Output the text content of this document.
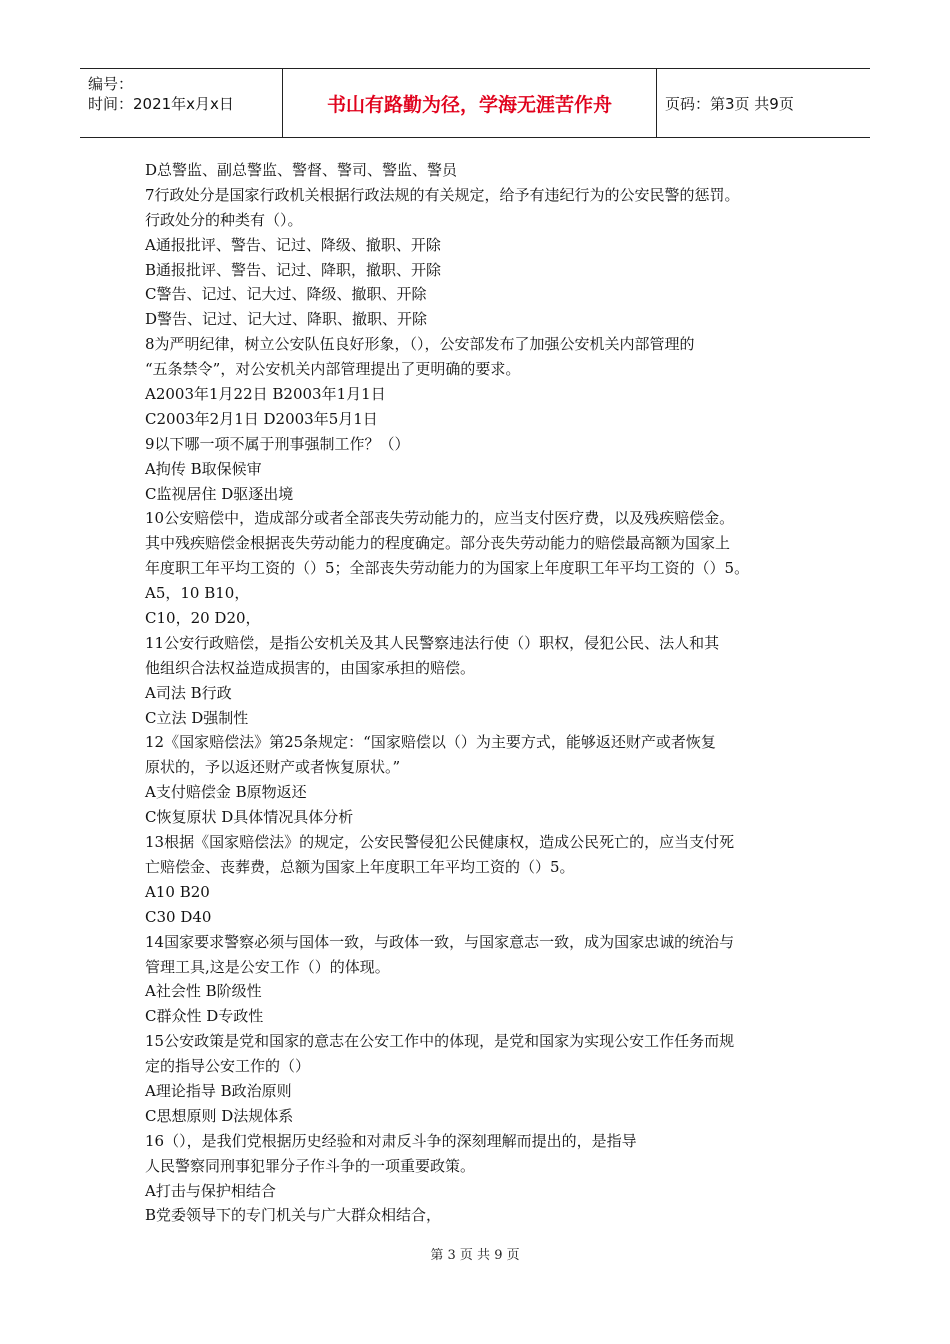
编号：
时间：2021年x月x日	书山有路勤为径，学海无涯苦作舟	页码：第3页 共9页
D总警监、副总警监、警督、警司、警监、警员
7行政处分是国家行政机关根据行政法规的有关规定，给予有违纪行为的公安民警的惩罚。
行政处分的种类有（）。
A通报批评、警告、记过、降级、撤职、开除
B通报批评、警告、记过、降职，撤职、开除
C警告、记过、记大过、降级、撤职、开除
D警告、记过、记大过、降职、撤职、开除
8为严明纪律，树立公安队伍良好形象，（），公安部发布了加强公安机关内部管理的
“五条禁令”，对公安机关内部管理提出了更明确的要求。
A2003年1月22日 B2003年1月1日
C2003年2月1日 D2003年5月1日
9以下哪一项不属于刑事强制工作？（）
A拘传 B取保候审
C监视居住 D驱逐出境
10公安赔偿中，造成部分或者全部丧失劳动能力的，应当支付医疗费，以及残疾赔偿金。
其中残疾赔偿金根据丧失劳动能力的程度确定。部分丧失劳动能力的赔偿最高额为国家上
年度职工年平均工资的（）5；全部丧失劳动能力的为国家上年度职工年平均工资的（）5。
A5，10 B10，
C10，20 D20，
11公安行政赔偿，是指公安机关及其人民警察违法行使（）职权，侵犯公民、法人和其
他组织合法权益造成损害的，由国家承担的赔偿。
A司法 B行政
C立法 D强制性
12《国家赔偿法》第25条规定：“国家赔偿以（）为主要方式，能够返还财产或者恢复
原状的，予以返还财产或者恢复原状。”
A支付赔偿金 B原物返还
C恢复原状 D具体情况具体分析
13根据《国家赔偿法》的规定，公安民警侵犯公民健康权，造成公民死亡的，应当支付死
亡赔偿金、丧葬费，总额为国家上年度职工年平均工资的（）5。
A10 B20
C30 D40
14国家要求警察必须与国体一致，与政体一致，与国家意志一致，成为国家忠诚的统治与
管理工具,这是公安工作（）的体现。
A社会性 B阶级性
C群众性 D专政性
15公安政策是党和国家的意志在公安工作中的体现，是党和国家为实现公安工作任务而规
定的指导公安工作的（）
A理论指导 B政治原则
C思想原则 D法规体系
16（），是我们党根据历史经验和对肃反斗争的深刻理解而提出的，是指导
人民警察同刑事犯罪分子作斗争的一项重要政策。
A打击与保护相结合
B党委领导下的专门机关与广大群众相结合，
第 3 页 共 9 页
